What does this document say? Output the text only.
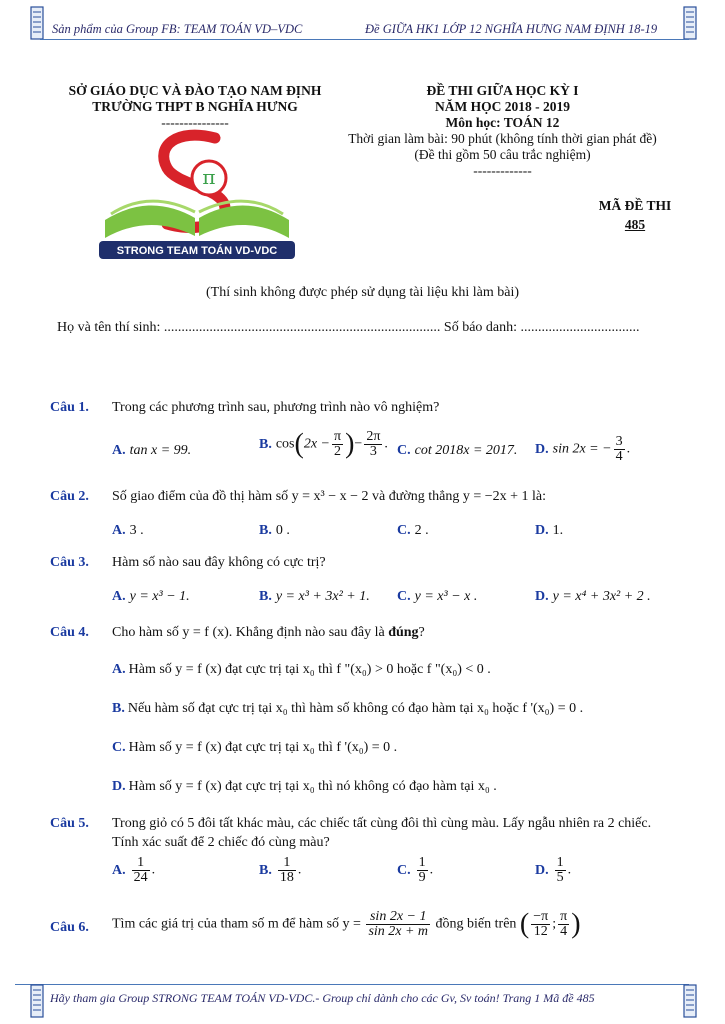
Sản phẩm của Group FB: TEAM TOÁN VD–VDC	Đề GIỮA HK1 LỚP 12 NGHĨA HƯNG NAM ĐỊNH 18-19
SỞ GIÁO DỤC VÀ ĐÀO TẠO NAM ĐỊNH
TRƯỜNG THPT B NGHĨA HƯNG
---------------
ĐỀ THI GIỮA HỌC KỲ I
NĂM HỌC 2018 - 2019
Môn học: TOÁN 12
Thời gian làm bài: 90 phút (không tính thời gian phát đề)
(Đề thi gồm 50 câu trắc nghiệm)
-------------
MÃ ĐỀ THI
485
π
STRONG TEAM TOÁN VD-VDC
(Thí sinh không được phép sử dụng tài liệu khi làm bài)
Họ và tên thí sinh: ............................................................................... Số báo danh: ..................................
Câu 1. Trong các phương trình sau, phương trình nào vô nghiệm?
A. tan x = 99.	B. $\cos(2x - \frac{\pi}{2}$ )− $\frac{2\pi}{3}$ . C. cot 2018x = 2017. D. sin 2x = − $\frac{3}{4}$ .
Câu 2. Số giao điểm của đồ thị hàm số y = x³ − x − 2 và đường thẳng y = −2x + 1 là:
A. 3 .	B. 0 .	C. 2 .	D. 1.
Câu 3. Hàm số nào sau đây không có cực trị?
A. y = x³ − 1.	B. y = x³ + 3x² + 1. C. y = x³ − x .	D. y = x⁴ + 3x² + 2 .
Câu 4. Cho hàm số y = f (x). Khẳng định nào sau đây là đúng?
A. Hàm số y = f (x) đạt cực trị tại x₀ thì f "(x₀) > 0 hoặc f "(x₀) < 0 .
B. Nếu hàm số đạt cực trị tại x₀ thì hàm số không có đạo hàm tại x₀ hoặc f '(x₀) = 0 .
C. Hàm số y = f (x) đạt cực trị tại x₀ thì f '(x₀) = 0 .
D. Hàm số y = f (x) đạt cực trị tại x₀ thì nó không có đạo hàm tại x₀ .
Câu 5. Trong giỏ có 5 đôi tất khác màu, các chiếc tất cùng đôi thì cùng màu. Lấy ngẫu nhiên ra 2 chiếc.
Tính xác suất để 2 chiếc đó cùng màu?
A. $\frac{1}{24}$ .	B. $\frac{1}{18}$ .	C. $\frac{1}{9}$ .	D. $\frac{1}{5}$ .
Câu 6. Tìm các giá trị của tham số m để hàm số $y = \frac{\sin 2x - 1}{\sin 2x + m}$ đồng biến trên ( $\frac{-\pi}{12}$ ; $\frac{\pi}{4}$ )
Hãy tham gia Group STRONG TEAM TOÁN VD-VDC.- Group chỉ dành cho các Gv, Sv toán! Trang 1 Mã đề 485
